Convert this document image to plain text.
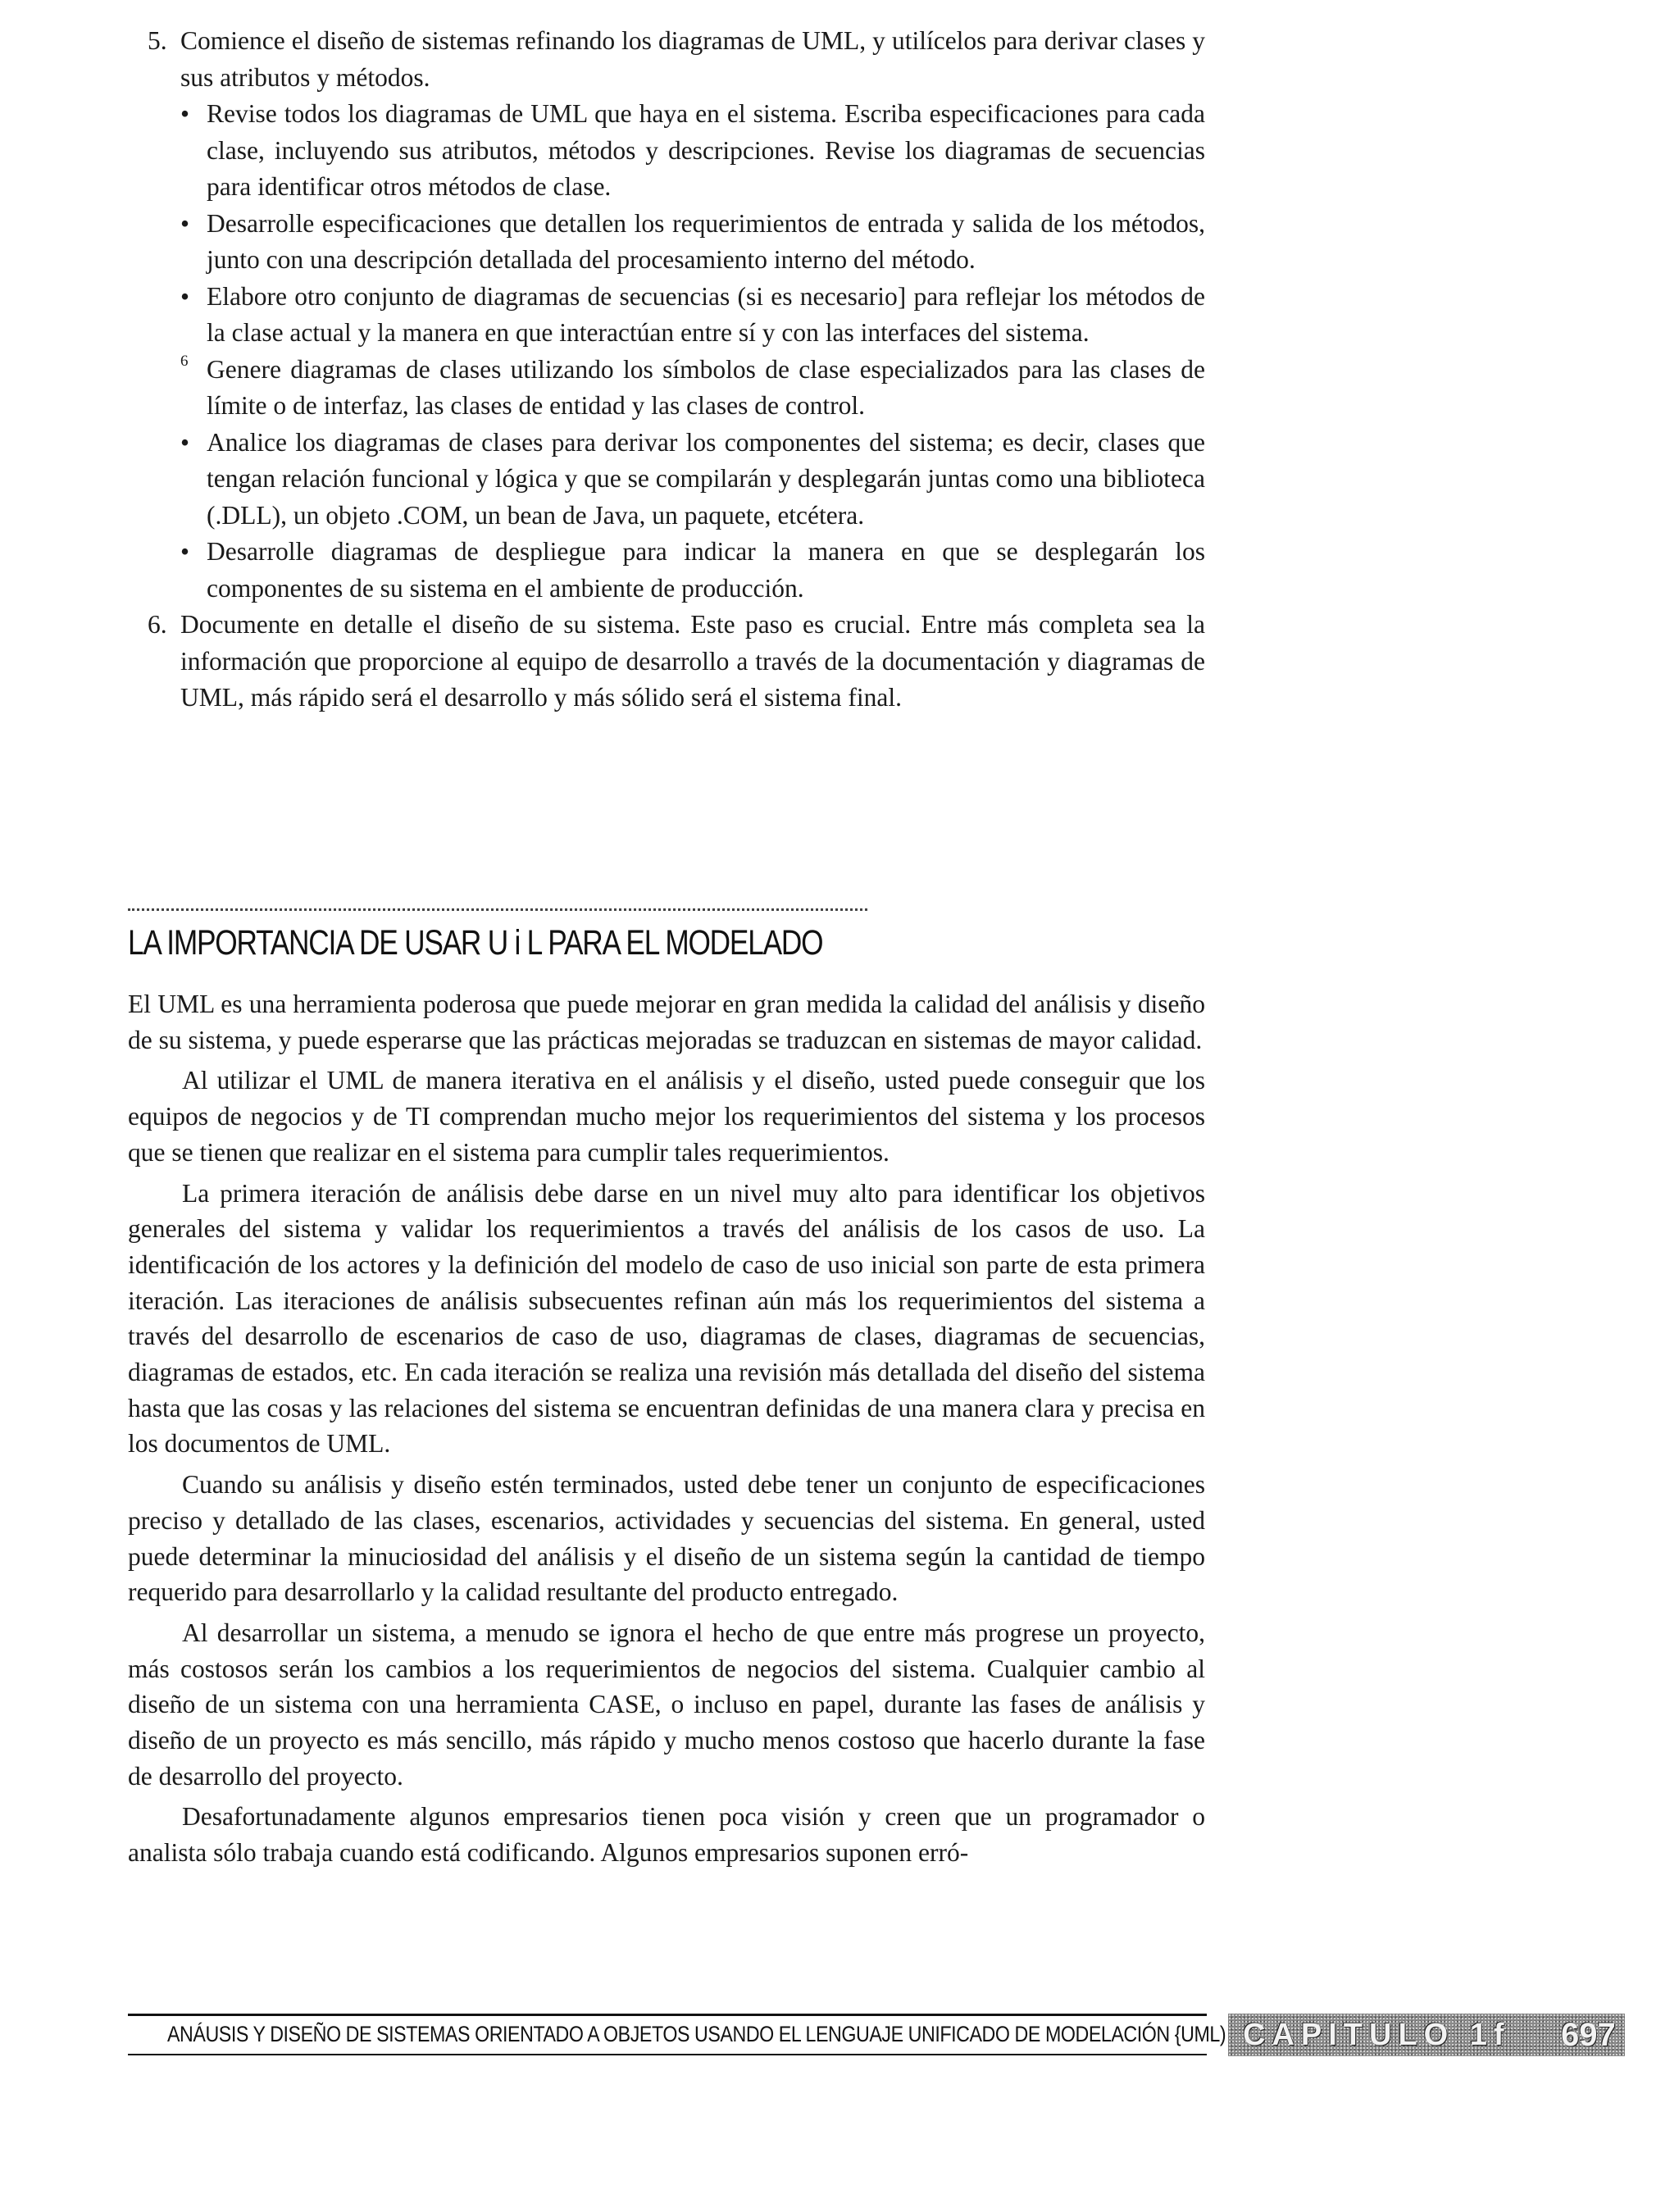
5. Comience el diseño de sistemas refinando los diagramas de UML, y utilícelos para derivar clases y sus atributos y métodos.
• Revise todos los diagramas de UML que haya en el sistema. Escriba especificaciones para cada clase, incluyendo sus atributos, métodos y descripciones. Revise los diagramas de secuencias para identificar otros métodos de clase.
• Desarrolle especificaciones que detallen los requerimientos de entrada y salida de los métodos, junto con una descripción detallada del procesamiento interno del método.
• Elabore otro conjunto de diagramas de secuencias (si es necesario] para reflejar los métodos de la clase actual y la manera en que interactúan entre sí y con las interfaces del sistema.
6 Genere diagramas de clases utilizando los símbolos de clase especializados para las clases de límite o de interfaz, las clases de entidad y las clases de control.
• Analice los diagramas de clases para derivar los componentes del sistema; es decir, clases que tengan relación funcional y lógica y que se compilarán y desplegarán juntas como una biblioteca (.DLL), un objeto .COM, un bean de Java, un paquete, etcétera.
• Desarrolle diagramas de despliegue para indicar la manera en que se desplegarán los componentes de su sistema en el ambiente de producción.
6. Documente en detalle el diseño de su sistema. Este paso es crucial. Entre más completa sea la información que proporcione al equipo de desarrollo a través de la documentación y diagramas de UML, más rápido será el desarrollo y más sólido será el sistema final.
LA IMPORTANCIA DE USAR U i L PARA EL MODELADO

El UML es una herramienta poderosa que puede mejorar en gran medida la calidad del análisis y diseño de su sistema, y puede esperarse que las prácticas mejoradas se traduzcan en sistemas de mayor calidad.

Al utilizar el UML de manera iterativa en el análisis y el diseño, usted puede conseguir que los equipos de negocios y de TI comprendan mucho mejor los requerimientos del sistema y los procesos que se tienen que realizar en el sistema para cumplir tales requerimientos.

La primera iteración de análisis debe darse en un nivel muy alto para identificar los objetivos generales del sistema y validar los requerimientos a través del análisis de los casos de uso. La identificación de los actores y la definición del modelo de caso de uso inicial son parte de esta primera iteración. Las iteraciones de análisis subsecuentes refinan aún más los requerimientos del sistema a través del desarrollo de escenarios de caso de uso, diagramas de clases, diagramas de secuencias, diagramas de estados, etc. En cada iteración se realiza una revisión más detallada del diseño del sistema hasta que las cosas y las relaciones del sistema se encuentran definidas de una manera clara y precisa en los documentos de UML.

Cuando su análisis y diseño estén terminados, usted debe tener un conjunto de especificaciones preciso y detallado de las clases, escenarios, actividades y secuencias del sistema. En general, usted puede determinar la minuciosidad del análisis y el diseño de un sistema según la cantidad de tiempo requerido para desarrollarlo y la calidad resultante del producto entregado.

Al desarrollar un sistema, a menudo se ignora el hecho de que entre más progrese un proyecto, más costosos serán los cambios a los requerimientos de negocios del sistema. Cualquier cambio al diseño de un sistema con una herramienta CASE, o incluso en papel, durante las fases de análisis y diseño de un proyecto es más sencillo, más rápido y mucho menos costoso que hacerlo durante la fase de desarrollo del proyecto.

Desafortunadamente algunos empresarios tienen poca visión y creen que un programador o analista sólo trabaja cuando está codificando. Algunos empresarios suponen erró-

ANÁUSIS Y DISEÑO DE SISTEMAS ORIENTADO A OBJETOS USANDO EL LENGUAJE UNIFICADO DE MODELACIÓN {UML) CAPITULO 1f 697
